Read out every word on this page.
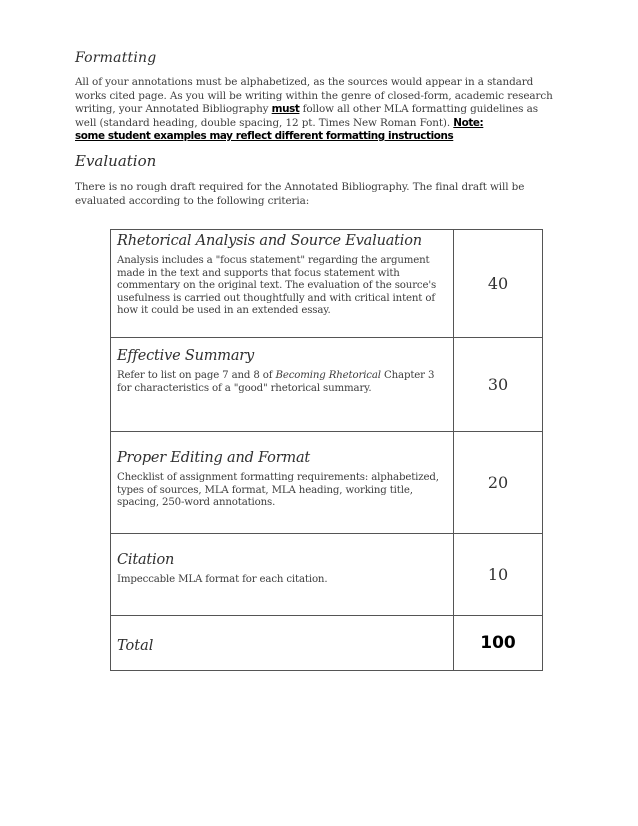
Formatting

All of your annotations must be alphabetized, as the sources would appear in a standard works cited page. As you will be writing within the genre of closed-form, academic research writing, your Annotated Bibliography must follow all other MLA formatting guidelines as well (standard heading, double spacing, 12 pt. Times New Roman Font). Note:
some student examples may reflect different formatting instructions

Evaluation

There is no rough draft required for the Annotated Bibliography. The final draft will be evaluated according to the following criteria:

Rhetorical Analysis and Source Evaluation

Analysis includes a "focus statement" regarding the argument made in the text and supports that focus statement with commentary on the original text. The evaluation of the source's usefulness is carried out thoughtfully and with critical intent of how it could be used in an extended essay.	40

Effective Summary

Refer to list on page 7 and 8 of Becoming Rhetorical Chapter 3 for characteristics of a "good" rhetorical summary.	30

Proper Editing and Format

Checklist of assignment formatting requirements: alphabetized, types of sources, MLA format, MLA heading, working title, spacing, 250-word annotations.	20

Citation

Impeccable MLA format for each citation.	10
Total	100
